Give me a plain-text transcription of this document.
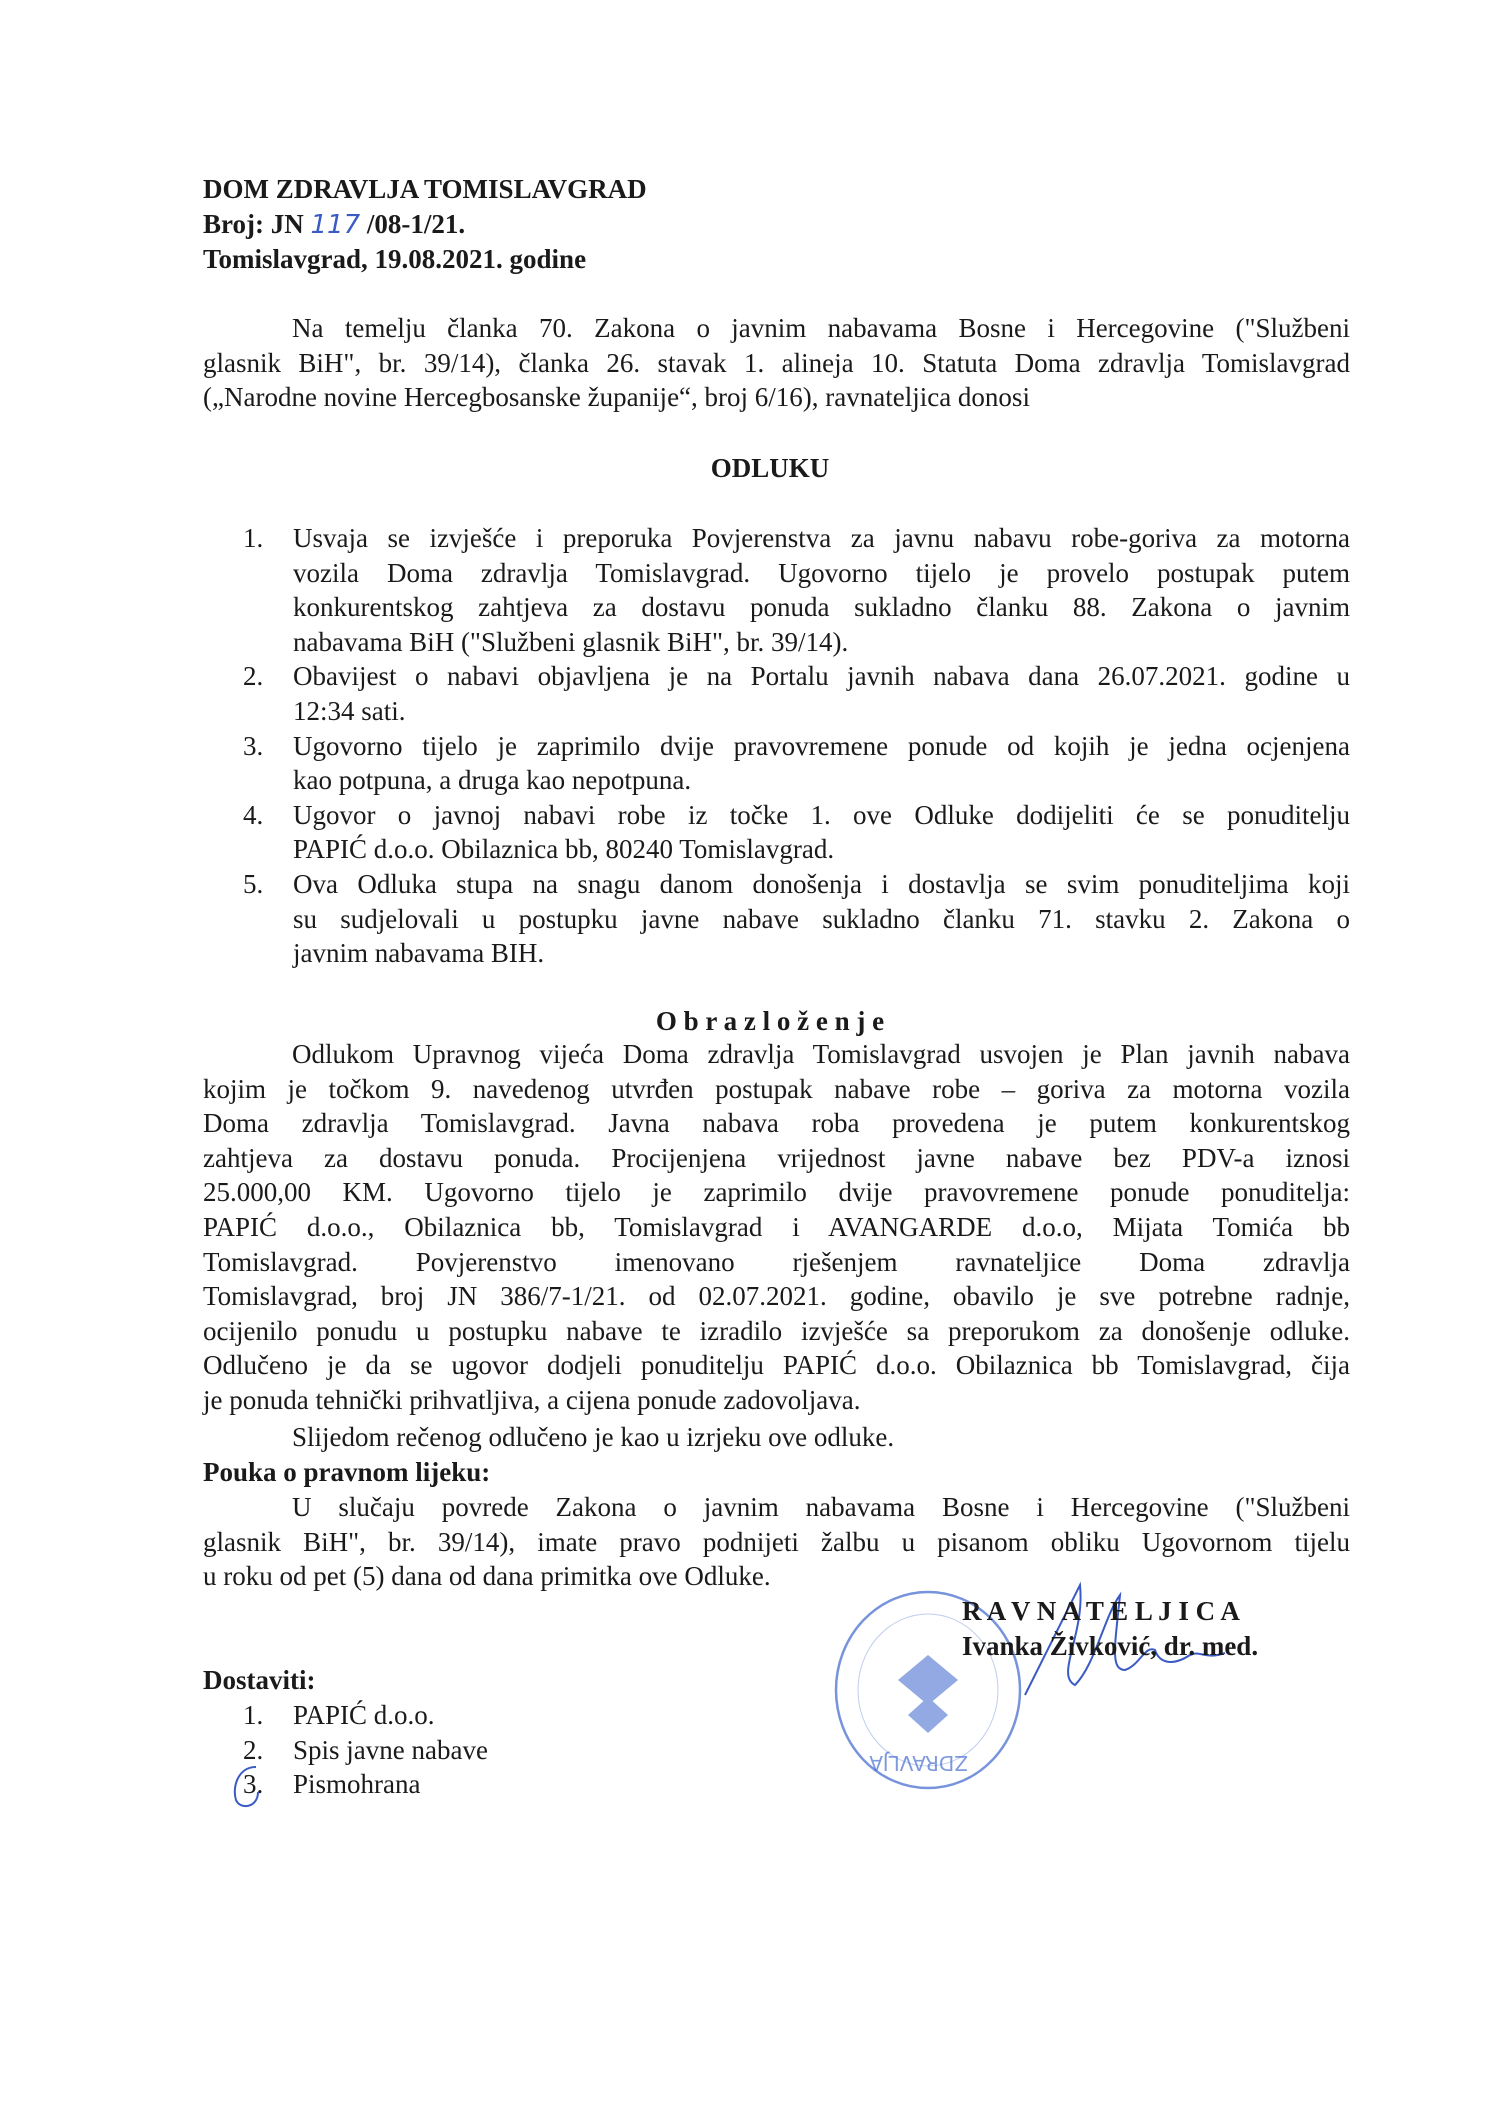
DOM ZDRAVLJA TOMISLAVGRAD
Broj: JN 117 /08-1/21.
Tomislavgrad, 19.08.2021. godine
Na temelju članka 70. Zakona o javnim nabavama Bosne i Hercegovine ("Službeni
glasnik BiH", br. 39/14), članka 26. stavak 1. alineja 10. Statuta Doma zdravlja Tomislavgrad
(„Narodne novine Hercegbosanske županije“, broj 6/16), ravnateljica donosi
ODLUKU
1. Usvaja se izvješće i preporuka Povjerenstva za javnu nabavu robe-goriva za motorna
vozila Doma zdravlja Tomislavgrad. Ugovorno tijelo je provelo postupak putem
konkurentskog zahtjeva za dostavu ponuda sukladno članku 88. Zakona o javnim
nabavama BiH ("Službeni glasnik BiH", br. 39/14).
2. Obavijest o nabavi objavljena je na Portalu javnih nabava dana 26.07.2021. godine u
12:34 sati.
3. Ugovorno tijelo je zaprimilo dvije pravovremene ponude od kojih je jedna ocjenjena
kao potpuna, a druga kao nepotpuna.
4. Ugovor o javnoj nabavi robe iz točke 1. ove Odluke dodijeliti će se ponuditelju
PAPIĆ d.o.o. Obilaznica bb, 80240 Tomislavgrad.
5. Ova Odluka stupa na snagu danom donošenja i dostavlja se svim ponuditeljima koji
su sudjelovali u postupku javne nabave sukladno članku 71. stavku 2. Zakona o
javnim nabavama BIH.
O b r a z l o ž e n j e
Odlukom Upravnog vijeća Doma zdravlja Tomislavgrad usvojen je Plan javnih nabava
kojim je točkom 9. navedenog utvrđen postupak nabave robe – goriva za motorna vozila
Doma zdravlja Tomislavgrad. Javna nabava roba provedena je putem konkurentskog
zahtjeva za dostavu ponuda. Procijenjena vrijednost javne nabave bez PDV-a iznosi
25.000,00 KM. Ugovorno tijelo je zaprimilo dvije pravovremene ponude ponuditelja:
PAPIĆ d.o.o., Obilaznica bb, Tomislavgrad i AVANGARDE d.o.o, Mijata Tomića bb
Tomislavgrad. Povjerenstvo imenovano rješenjem ravnateljice Doma zdravlja
Tomislavgrad, broj JN 386/7-1/21. od 02.07.2021. godine, obavilo je sve potrebne radnje,
ocijenilo ponudu u postupku nabave te izradilo izvješće sa preporukom za donošenje odluke.
Odlučeno je da se ugovor dodjeli ponuditelju PAPIĆ d.o.o. Obilaznica bb Tomislavgrad, čija
je ponuda tehnički prihvatljiva, a cijena ponude zadovoljava.
Slijedom rečenog odlučeno je kao u izrjeku ove odluke.
Pouka o pravnom lijeku:
U slučaju povrede Zakona o javnim nabavama Bosne i Hercegovine ("Službeni
glasnik BiH", br. 39/14), imate pravo podnijeti žalbu u pisanom obliku Ugovornom tijelu
u roku od pet (5) dana od dana primitka ove Odluke.
ZDRAVLJA
R A V N A T E L J I C A
Ivanka Živković, dr. med.
Dostaviti:
1. PAPIĆ d.o.o.
2. Spis javne nabave
3. Pismohrana
